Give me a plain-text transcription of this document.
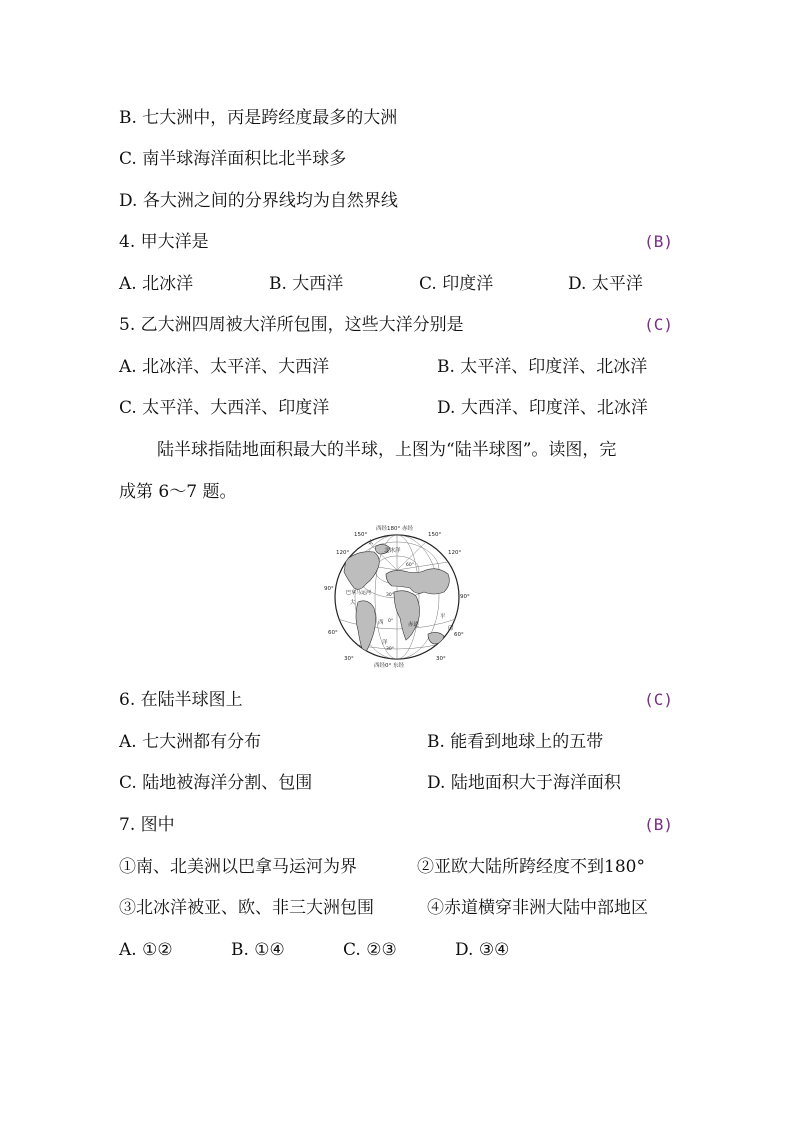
B. 七大洲中，丙是跨经度最多的大洲
C. 南半球海洋面积比北半球多
D. 各大洲之间的分界线均为自然界线
4. 甲大洋是	(B)
A. 北冰洋	B. 大西洋	C. 印度洋	D. 太平洋
5. 乙大洲四周被大洋所包围，这些大洋分别是	(C)
A. 北冰洋、太平洋、大西洋	B. 太平洋、印度洋、北冰洋
C. 太平洋、大西洋、印度洋	D. 大西洋、印度洋、北冰洋
陆半球指陆地面积最大的半球，上图为“陆半球图”。读图，完
成第 6～7 题。
西经180° 赤经
西经0° 东经
150°
120°
90°
60°
30°
150°
120°
90°
60°
30°
北冰洋
巴拿马运河
赤道
大
西
洋
太
平
印
60°
30°
0°
30°
6. 在陆半球图上	(C)
A. 七大洲都有分布	B. 能看到地球上的五带
C. 陆地被海洋分割、包围	D. 陆地面积大于海洋面积
7. 图中	(B)
①南、北美洲以巴拿马运河为界	②亚欧大陆所跨经度不到180°
③北冰洋被亚、欧、非三大洲包围	④赤道横穿非洲大陆中部地区
A. ①②	B. ①④	C. ②③	D. ③④
